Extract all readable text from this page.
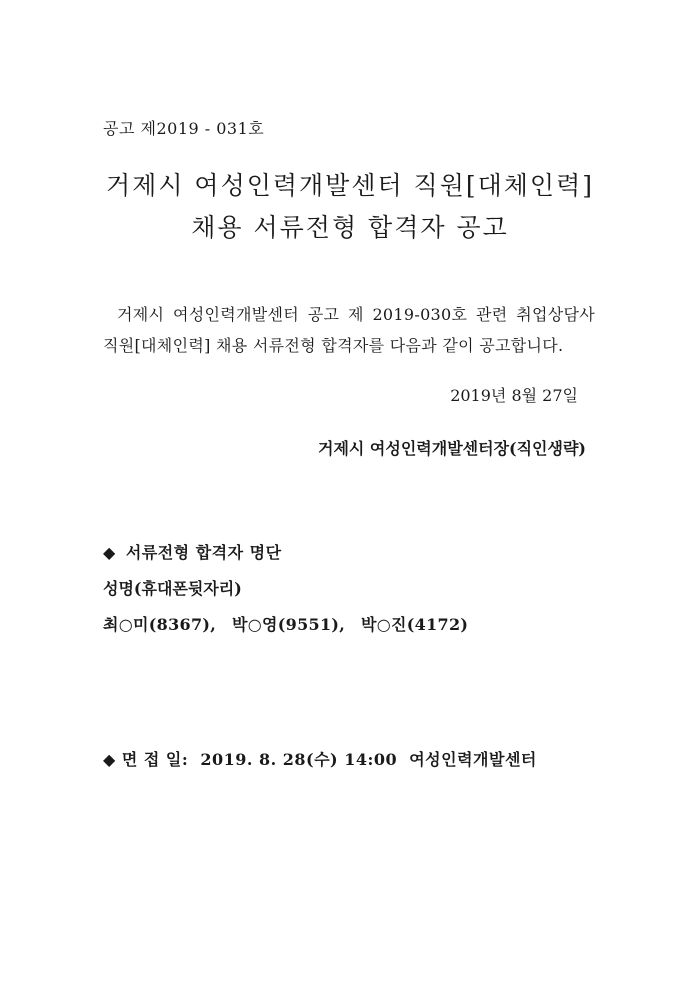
공고 제2019 - 031호
거제시 여성인력개발센터 직원[대체인력]
채용 서류전형 합격자 공고
거제시 여성인력개발센터 공고 제 2019-030호 관련 취업상담사
직원[대체인력] 채용 서류전형 합격자를 다음과 같이 공고합니다.
2019년 8월 27일
거제시 여성인력개발센터장(직인생략)
◆ 서류전형 합격자 명단
성명(휴대폰뒷자리)
최○미(8367), 박○영(9551), 박○진(4172)
◆ 면 접 일: 2019. 8. 28(수) 14:00 여성인력개발센터
